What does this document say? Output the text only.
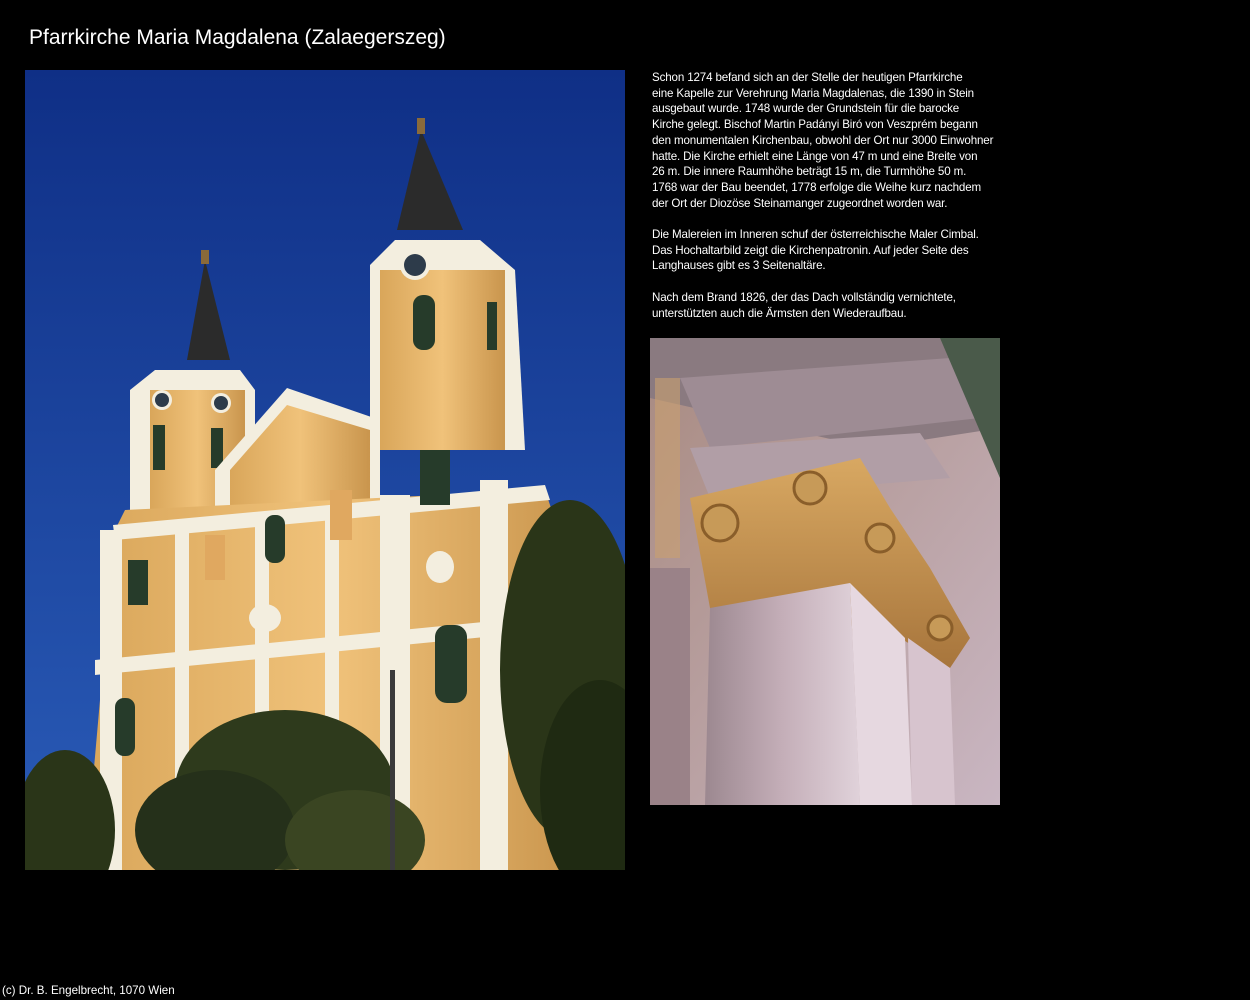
Pfarrkirche Maria Magdalena (Zalaegerszeg)

Schon 1274 befand sich an der Stelle der heutigen Pfarrkirche
eine Kapelle zur Verehrung Maria Magdalenas, die 1390 in Stein
ausgebaut wurde. 1748 wurde der Grundstein für die barocke
Kirche gelegt. Bischof Martin Padányi Biró von Veszprém begann
den monumentalen Kirchenbau, obwohl der Ort nur 3000 Einwohner
hatte. Die Kirche erhielt eine Länge von 47 m und eine Breite von
26 m. Die innere Raumhöhe beträgt 15 m, die Turmhöhe 50 m.
1768 war der Bau beendet, 1778 erfolge die Weihe kurz nachdem
der Ort der Diozöse Steinamanger zugeordnet worden war.

Die Malereien im Inneren schuf der österreichische Maler Cimbal.
Das Hochaltarbild zeigt die Kirchenpatronin. Auf jeder Seite des
Langhauses gibt es 3 Seitenaltäre.

Nach dem Brand 1826, der das Dach vollständig vernichtete,
unterstützten auch die Ärmsten den Wiederaufbau.

(c) Dr. B. Engelbrecht, 1070 Wien
